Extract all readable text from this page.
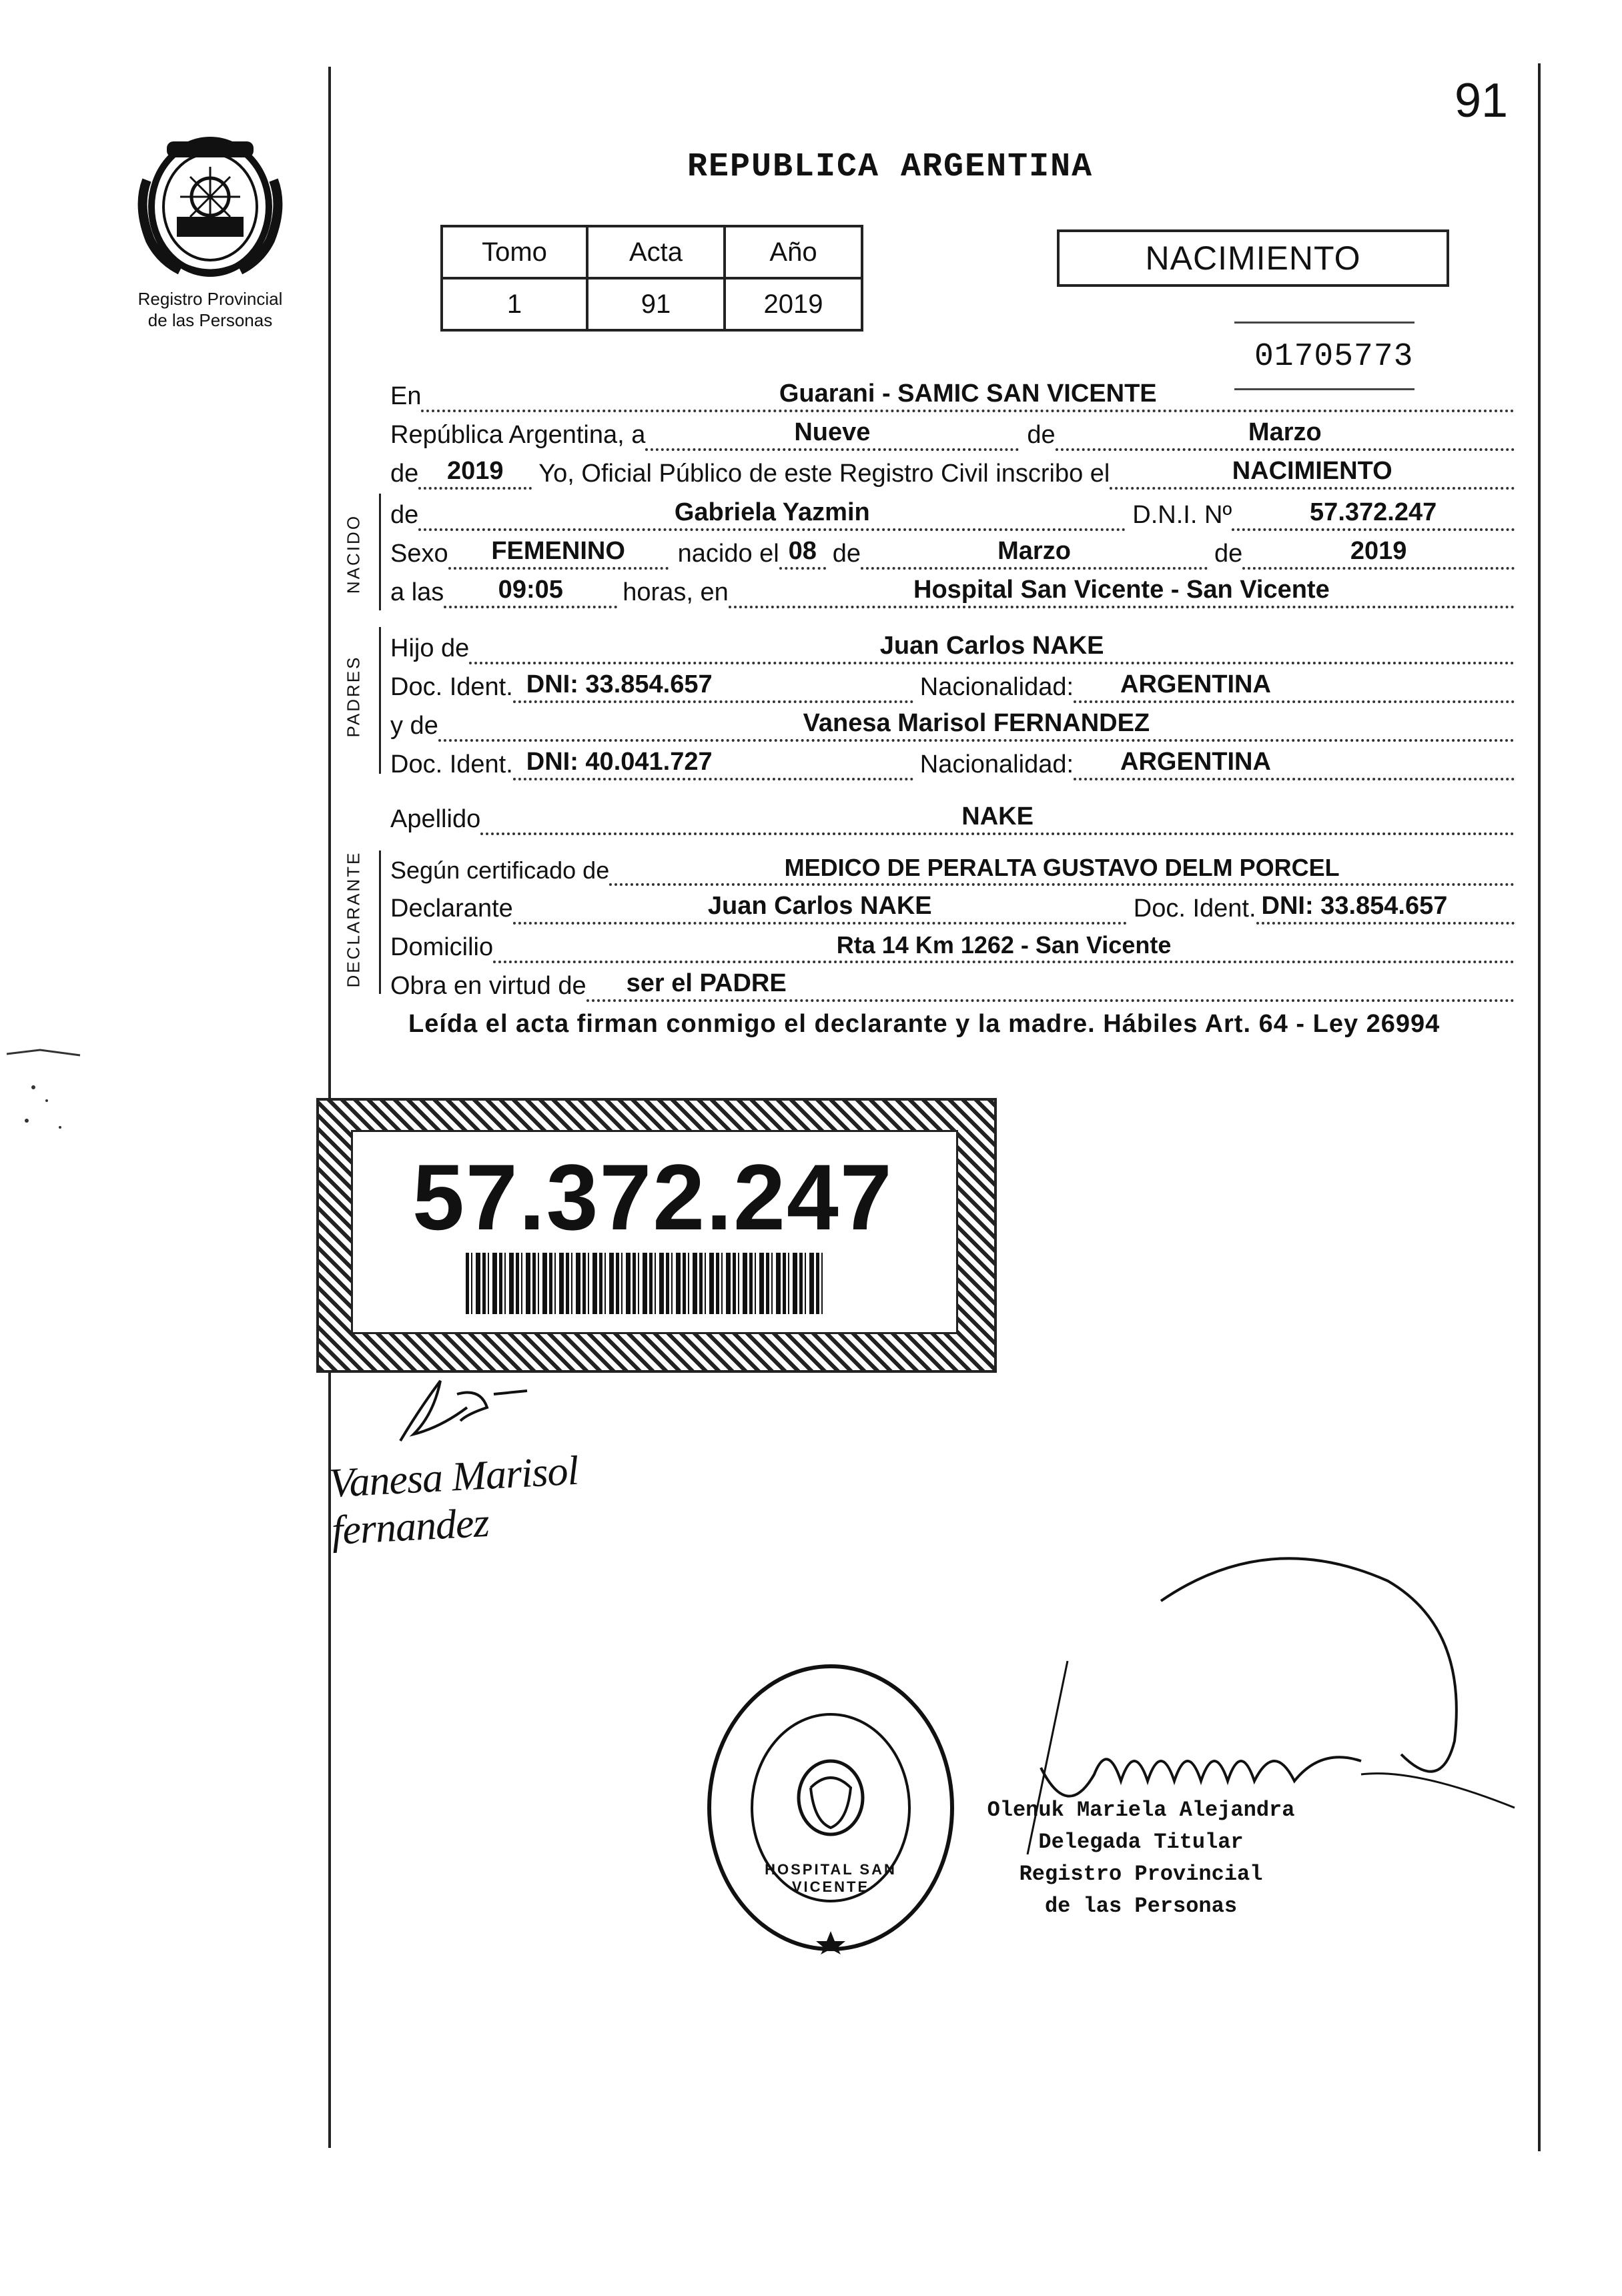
91
Registro Provincial
de las Personas
REPUBLICA ARGENTINA
Tomo	Acta	Año
1	91	2019
NACIMIENTO
01705773
En	Guarani - SAMIC SAN VICENTE
República Argentina, a	Nueve	de	Marzo
de 2019 Yo, Oficial Público de este Registro Civil inscribo el	NACIMIENTO
NACIDO de	Gabriela Yazmin	D.N.I. Nº	57.372.247
Sexo FEMENINO nacido el 08 de	Marzo	de	2019
a las 09:05 horas, en	Hospital San Vicente - San Vicente
PADRES
Hijo de	Juan Carlos NAKE
Doc. Ident. DNI: 33.854.657	Nacionalidad: ARGENTINA
y de	Vanesa Marisol FERNANDEZ
Doc. Ident. DNI: 40.041.727	Nacionalidad: ARGENTINA
Apellido	NAKE
DECLARANTE Según certificado de	MEDICO DE PERALTA GUSTAVO DELM PORCEL
Declarante	Juan Carlos NAKE	Doc. Ident. DNI: 33.854.657
Domicilio	Rta 14 Km 1262 - San Vicente
Obra en virtud de ser el PADRE
Leída el acta firman conmigo el declarante y la madre. Hábiles Art. 64 - Ley 26994
57.372.247
Vanesa Marisol fernandez
HOSPITAL SAN VICENTE
Olenuk Mariela Alejandra
Delegada Titular
Registro Provincial
de las Personas
